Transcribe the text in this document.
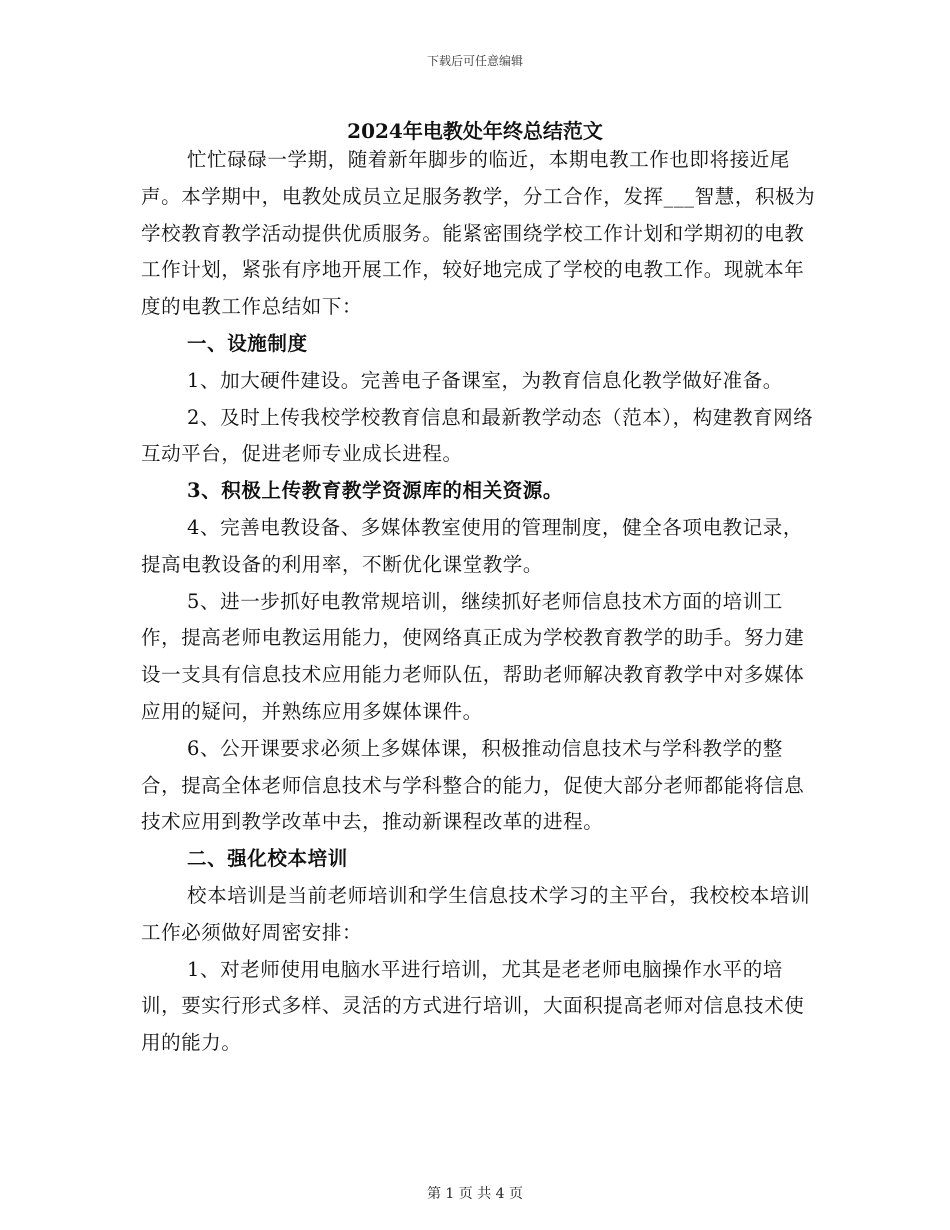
下载后可任意编辑
2024年电教处年终总结范文

忙忙碌碌一学期，随着新年脚步的临近，本期电教工作也即将接近尾声。本学期中，电教处成员立足服务教学，分工合作，发挥___智慧，积极为学校教育教学活动提供优质服务。能紧密围绕学校工作计划和学期初的电教工作计划，紧张有序地开展工作，较好地完成了学校的电教工作。现就本年度的电教工作总结如下：

一、设施制度

1、加大硬件建设。完善电子备课室，为教育信息化教学做好准备。

2、及时上传我校学校教育信息和最新教学动态（范本），构建教育网络互动平台，促进老师专业成长进程。

3、积极上传教育教学资源库的相关资源。

4、完善电教设备、多媒体教室使用的管理制度，健全各项电教记录，提高电教设备的利用率，不断优化课堂教学。

5、进一步抓好电教常规培训，继续抓好老师信息技术方面的培训工作，提高老师电教运用能力，使网络真正成为学校教育教学的助手。努力建设一支具有信息技术应用能力老师队伍，帮助老师解决教育教学中对多媒体应用的疑问，并熟练应用多媒体课件。

6、公开课要求必须上多媒体课，积极推动信息技术与学科教学的整合，提高全体老师信息技术与学科整合的能力，促使大部分老师都能将信息技术应用到教学改革中去，推动新课程改革的进程。

二、强化校本培训

校本培训是当前老师培训和学生信息技术学习的主平台，我校校本培训工作必须做好周密安排：

1、对老师使用电脑水平进行培训，尤其是老老师电脑操作水平的培训，要实行形式多样、灵活的方式进行培训，大面积提高老师对信息技术使用的能力。

第 1 页 共 4 页
